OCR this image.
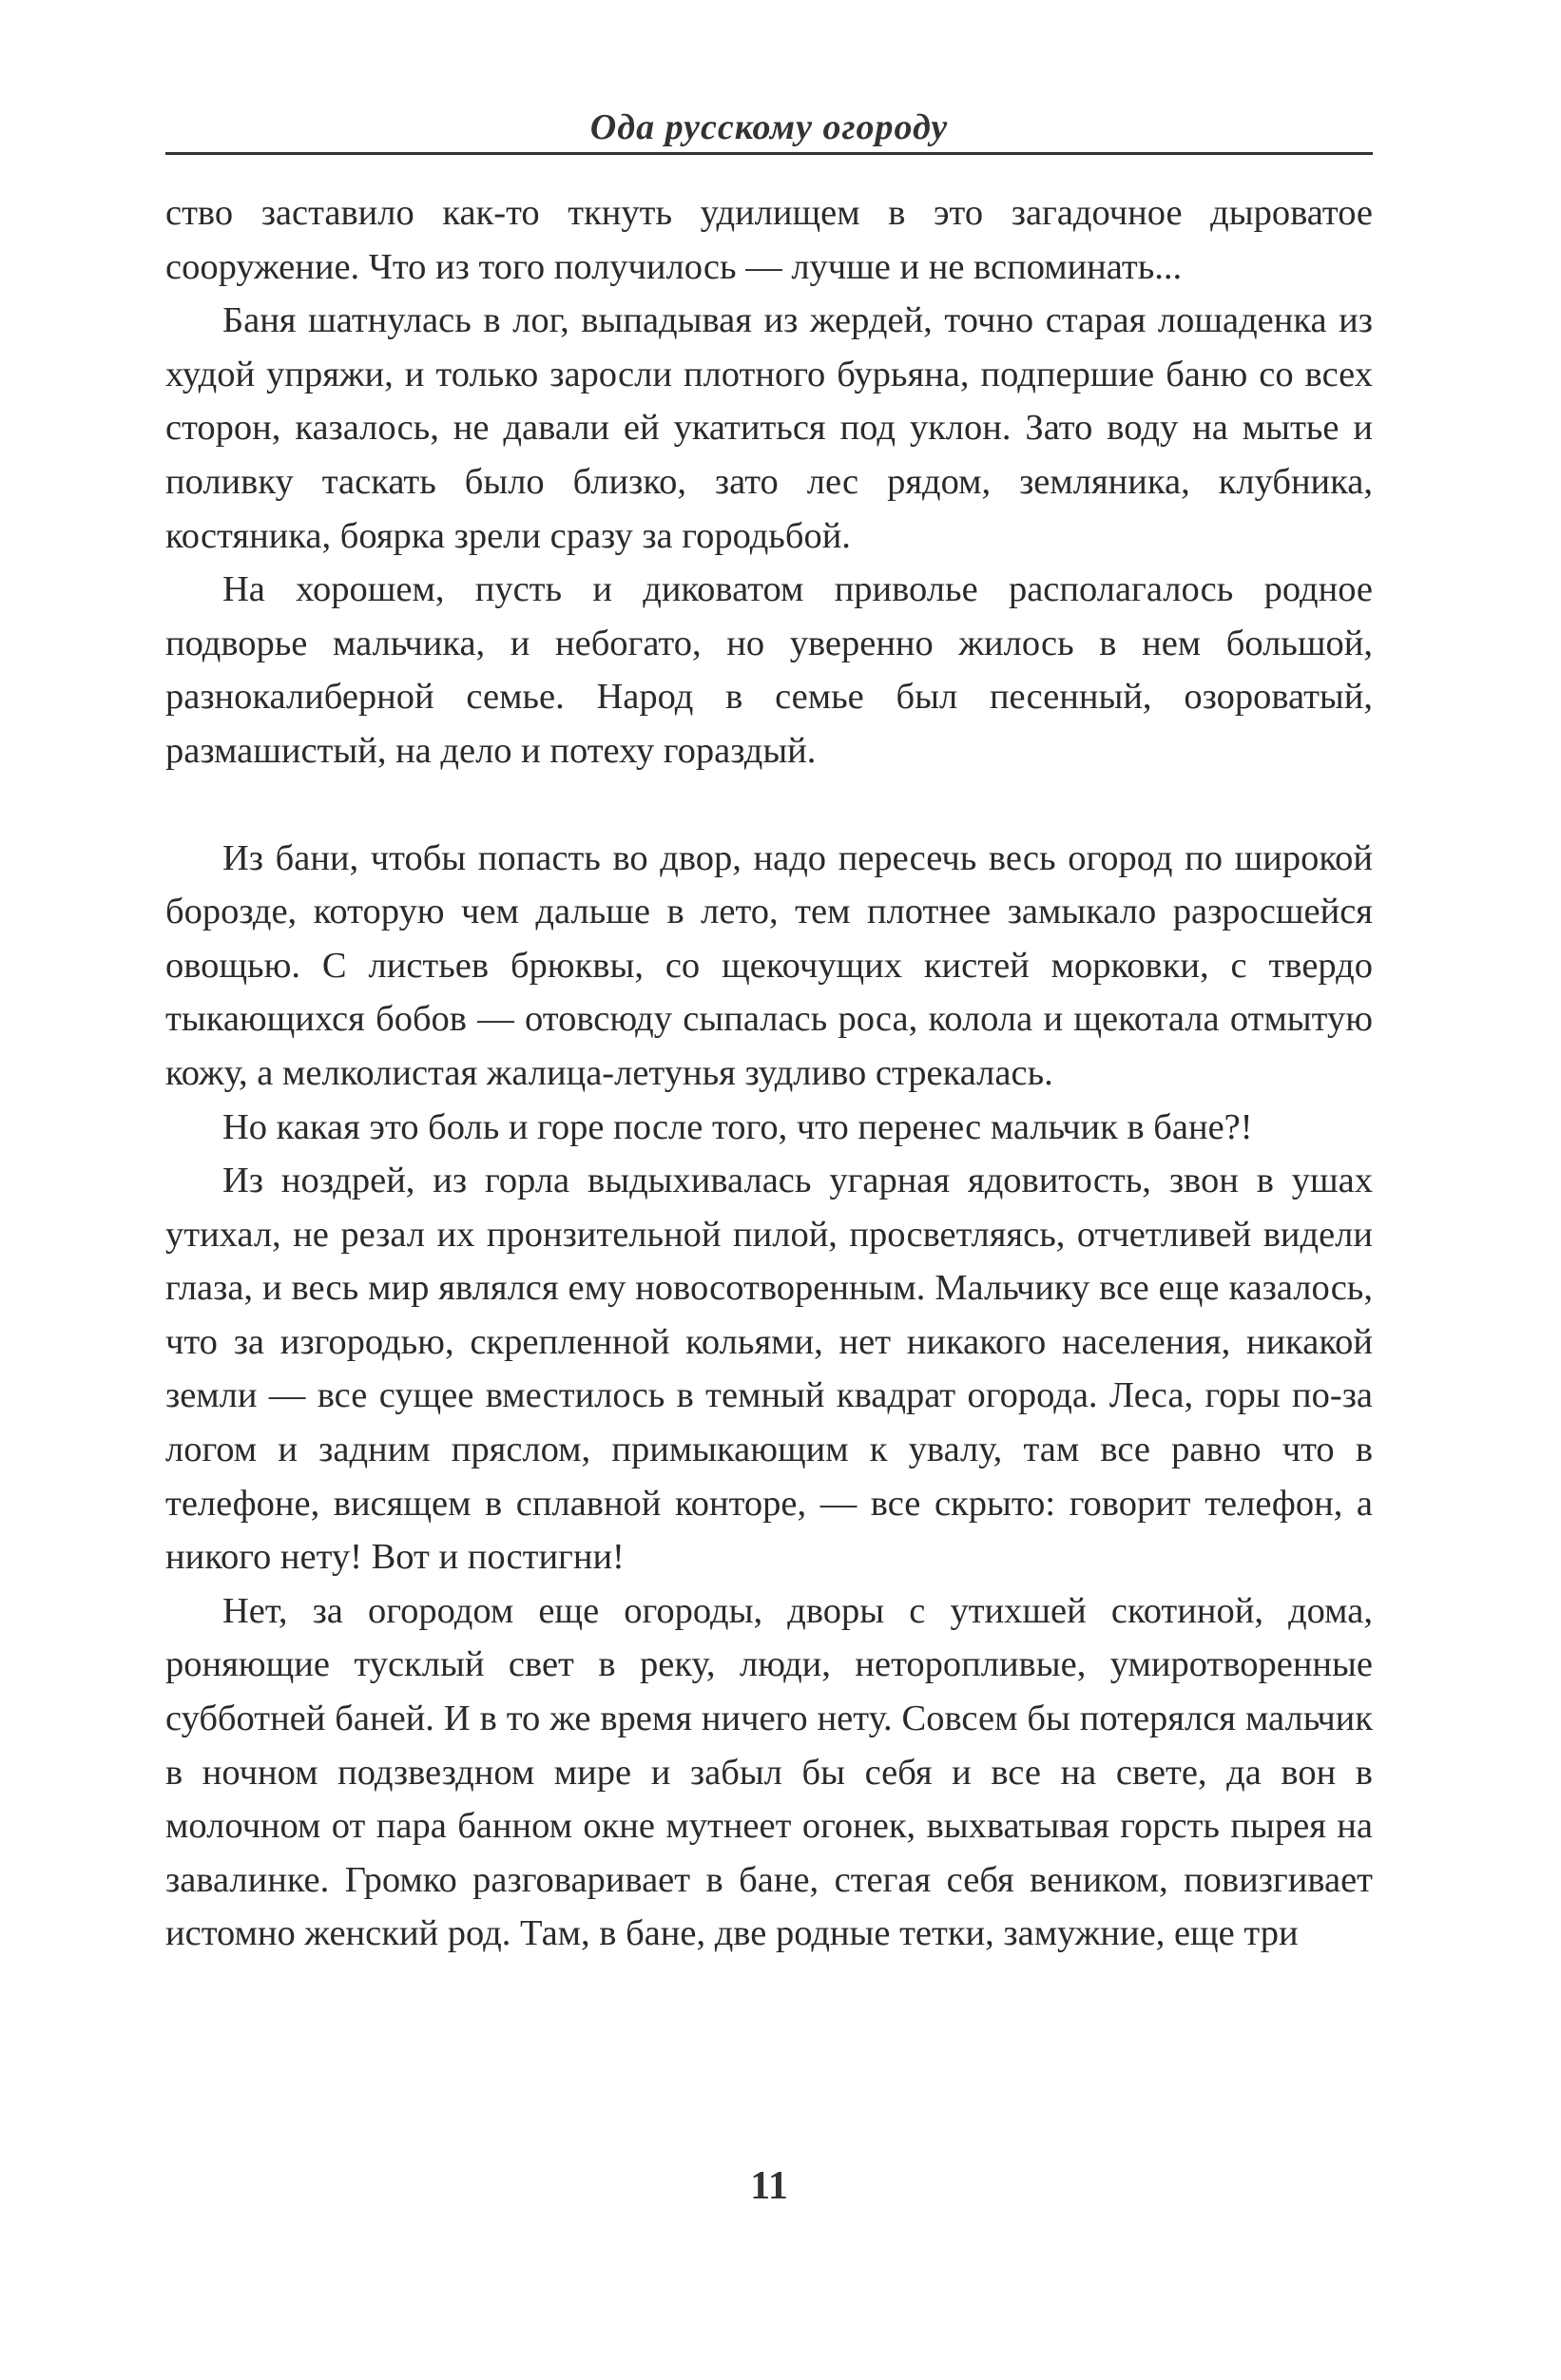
Ода русскому огороду

ство заставило как-то ткнуть удилищем в это загадочное дыроватое сооружение. Что из того получилось — лучше и не вспоминать...

Баня шатнулась в лог, выпадывая из жердей, точно старая лошаденка из худой упряжи, и только заросли плотного бурьяна, подпершие баню со всех сторон, казалось, не давали ей укатиться под уклон. Зато воду на мытье и поливку таскать было близко, зато лес рядом, земляника, клубника, костяника, боярка зрели сразу за городьбой.

На хорошем, пусть и диковатом приволье располагалось родное подворье мальчика, и небогато, но уверенно жилось в нем большой, разнокалиберной семье. Народ в семье был песенный, озороватый, размашистый, на дело и потеху гораздый.

Из бани, чтобы попасть во двор, надо пересечь весь огород по широкой борозде, которую чем дальше в лето, тем плотнее замыкало разросшейся овощью. С листьев брюквы, со щекочущих кистей морковки, с твердо тыкающихся бобов — отовсюду сыпалась роса, колола и щекотала отмытую кожу, а мелколистая жалица-летунья зудливо стрекалась.

Но какая это боль и горе после того, что перенес мальчик в бане?!

Из ноздрей, из горла выдыхивалась угарная ядовитость, звон в ушах утихал, не резал их пронзительной пилой, просветляясь, отчетливей видели глаза, и весь мир являлся ему новосотворенным. Мальчику все еще казалось, что за изгородью, скрепленной кольями, нет никакого населения, никакой земли — все сущее вместилось в темный квадрат огорода. Леса, горы по-за логом и задним пряслом, примыкающим к увалу, там все равно что в телефоне, висящем в сплавной конторе, — все скрыто: говорит телефон, а никого нету! Вот и постигни!

Нет, за огородом еще огороды, дворы с утихшей скотиной, дома, роняющие тусклый свет в реку, люди, неторопливые, умиротворенные субботней баней. И в то же время ничего нету. Совсем бы потерялся мальчик в ночном подзвездном мире и забыл бы себя и все на свете, да вон в молочном от пара банном окне мутнеет огонек, выхватывая горсть пырея на завалинке. Громко разговаривает в бане, стегая себя веником, повизгивает истомно женский род. Там, в бане, две родные тетки, замужние, еще три

11
